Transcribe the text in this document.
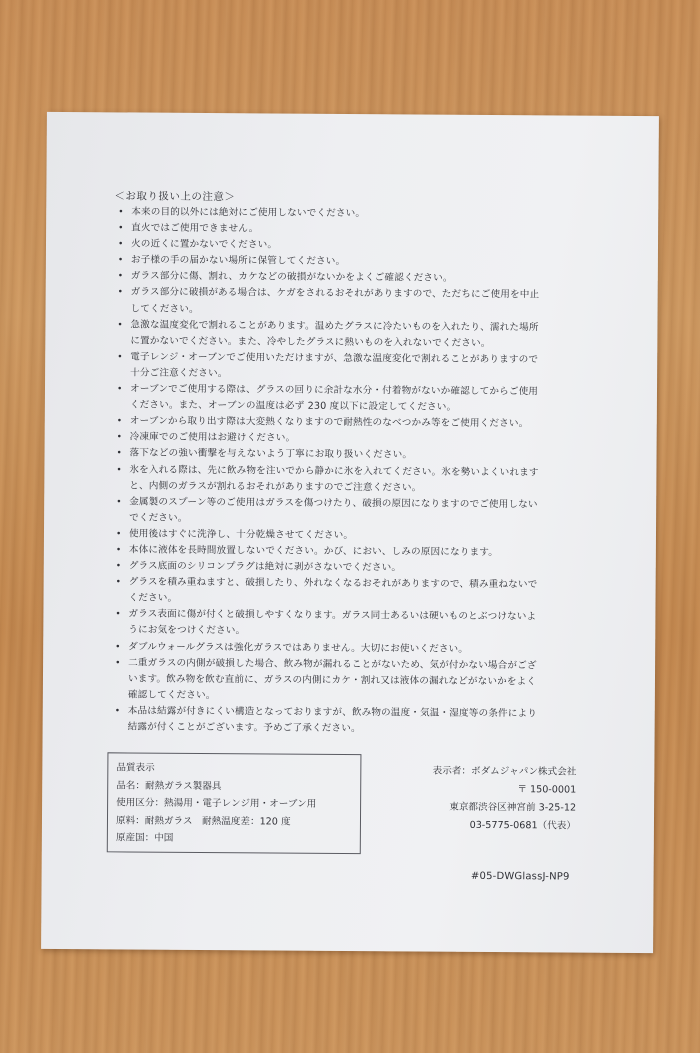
＜お取り扱い上の注意＞
• 本来の目的以外には絶対にご使用しないでください。
• 直火ではご使用できません。
• 火の近くに置かないでください。
• お子様の手の届かない場所に保管してください。
• ガラス部分に傷、割れ、カケなどの破損がないかをよくご確認ください。
• ガラス部分に破損がある場合は、ケガをされるおそれがありますので、ただちにご使用を中止
してください。
• 急激な温度変化で割れることがあります。温めたグラスに冷たいものを入れたり、濡れた場所
に置かないでください。また、冷やしたグラスに熱いものを入れないでください。
• 電子レンジ・オーブンでご使用いただけますが、急激な温度変化で割れることがありますので
十分ご注意ください。
• オーブンでご使用する際は、グラスの回りに余計な水分・付着物がないか確認してからご使用
ください。また、オーブンの温度は必ず 230 度以下に設定してください。
• オーブンから取り出す際は大変熱くなりますので耐熱性のなべつかみ等をご使用ください。
• 冷凍庫でのご使用はお避けください。
• 落下などの強い衝撃を与えないよう丁寧にお取り扱いください。
• 氷を入れる際は、先に飲み物を注いでから静かに氷を入れてください。氷を勢いよくいれます
と、内側のガラスが割れるおそれがありますのでご注意ください。
• 金属製のスプーン等のご使用はガラスを傷つけたり、破損の原因になりますのでご使用しない
でください。
• 使用後はすぐに洗浄し、十分乾燥させてください。
• 本体に液体を長時間放置しないでください。かび、におい、しみの原因になります。
• グラス底面のシリコンプラグは絶対に剥がさないでください。
• グラスを積み重ねますと、破損したり、外れなくなるおそれがありますので、積み重ねないで
ください。
• ガラス表面に傷が付くと破損しやすくなります。ガラス同士あるいは硬いものとぶつけないよ
うにお気をつけください。
• ダブルウォールグラスは強化ガラスではありません。大切にお使いください。
• 二重ガラスの内側が破損した場合、飲み物が漏れることがないため、気が付かない場合がござ
います。飲み物を飲む直前に、ガラスの内側にカケ・割れ又は液体の漏れなどがないかをよく
確認してください。
• 本品は結露が付きにくい構造となっておりますが、飲み物の温度・気温・湿度等の条件により
結露が付くことがございます。予めご了承ください。
品質表示
品名：耐熱ガラス製器具
使用区分：熱湯用・電子レンジ用・オーブン用
原料：耐熱ガラス　耐熱温度差：120 度
原産国：中国
表示者：ボダムジャパン株式会社
〒 150-0001
東京都渋谷区神宮前 3-25-12
03-5775-0681（代表）
#05-DWGlassJ-NP9
